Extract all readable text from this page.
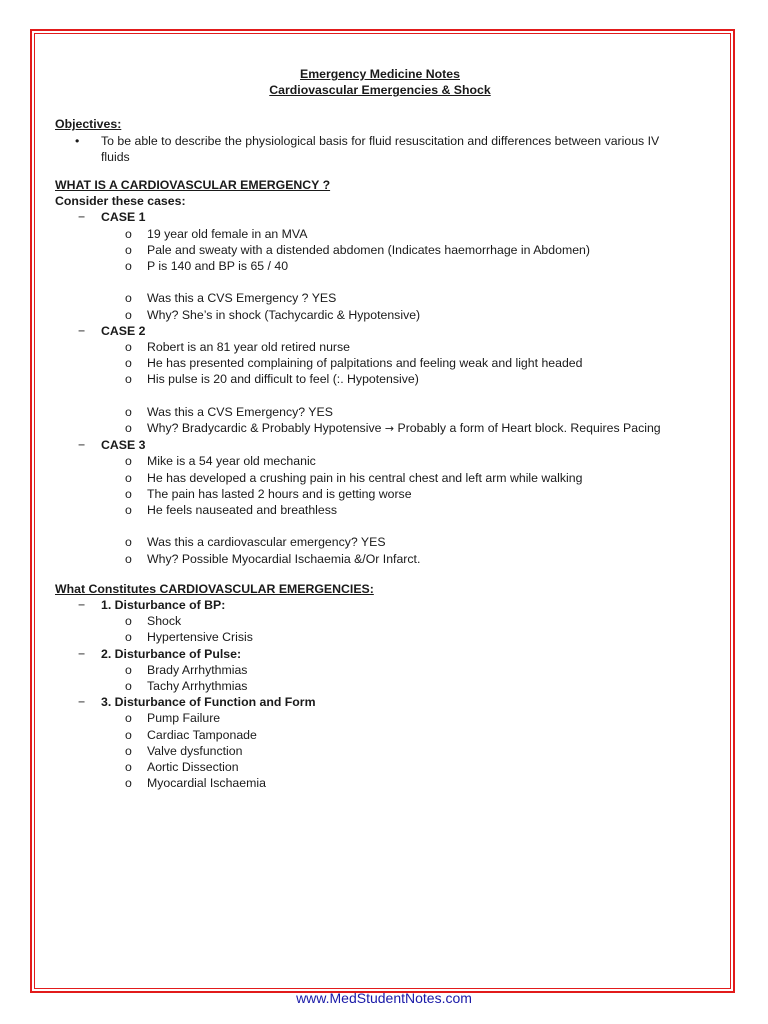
Emergency Medicine Notes
Cardiovascular Emergencies & Shock
Objectives:
• To be able to describe the physiological basis for fluid resuscitation and differences between various IV
fluids
WHAT IS A CARDIOVASCULAR EMERGENCY ?
Consider these cases:
− CASE 1
o 19 year old female in an MVA
o Pale and sweaty with a distended abdomen (Indicates haemorrhage in Abdomen)
o P is 140 and BP is 65 / 40
o Was this a CVS Emergency ? YES
o Why? She’s in shock (Tachycardic & Hypotensive)
− CASE 2
o Robert is an 81 year old retired nurse
o He has presented complaining of palpitations and feeling weak and light headed
o His pulse is 20 and difficult to feel (:. Hypotensive)
o Was this a CVS Emergency? YES
o Why? Bradycardic & Probably Hypotensive → Probably a form of Heart block. Requires Pacing
− CASE 3
o Mike is a 54 year old mechanic
o He has developed a crushing pain in his central chest and left arm while walking
o The pain has lasted 2 hours and is getting worse
o He feels nauseated and breathless
o Was this a cardiovascular emergency? YES
o Why? Possible Myocardial Ischaemia &/Or Infarct.
What Constitutes CARDIOVASCULAR EMERGENCIES:
− 1. Disturbance of BP:
o Shock
o Hypertensive Crisis
− 2. Disturbance of Pulse:
o Brady Arrhythmias
o Tachy Arrhythmias
− 3. Disturbance of Function and Form
o Pump Failure
o Cardiac Tamponade
o Valve dysfunction
o Aortic Dissection
o Myocardial Ischaemia
www.MedStudentNotes.com
